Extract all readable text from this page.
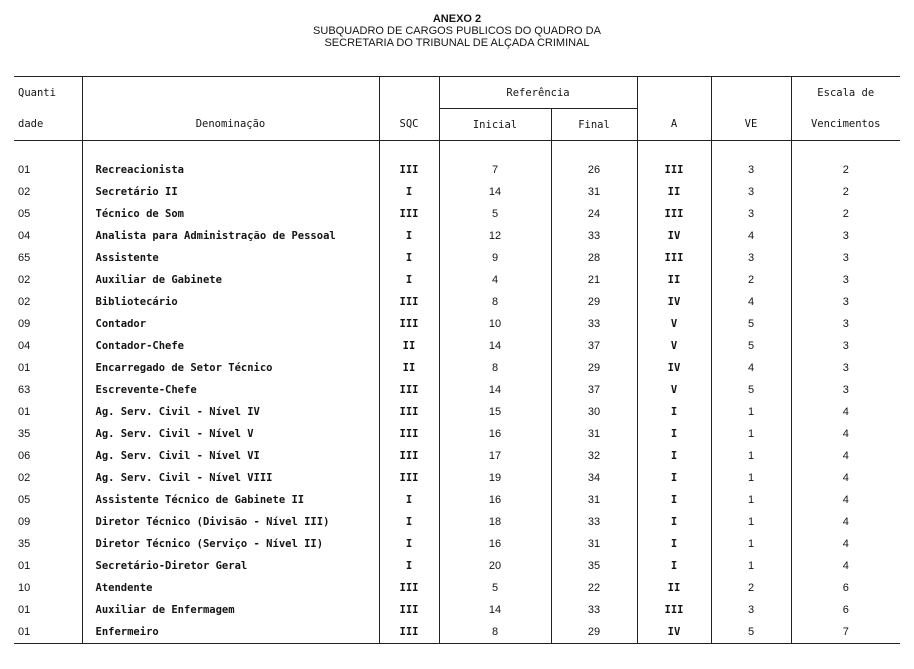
ANEXO 2
SUBQUADRO DE CARGOS PUBLICOS DO QUADRO DA
SECRETARIA DO TRIBUNAL DE ALÇADA CRIMINAL
Quanti			Referência				Escala de
dade	Denominação	SQC	Inicial	Final	A	VE	Vencimentos

01	Recreacionista	III	7	26	III	3	2
02	Secretário II	I	14	31	II	3	2
05	Técnico de Som	III	5	24	III	3	2
04	Analista para Administração de Pessoal	I	12	33	IV	4	3
65	Assistente	I	9	28	III	3	3
02	Auxiliar de Gabinete	I	4	21	II	2	3
02	Bibliotecário	III	8	29	IV	4	3
09	Contador	III	10	33	V	5	3
04	Contador-Chefe	II	14	37	V	5	3
01	Encarregado de Setor Técnico	II	8	29	IV	4	3
63	Escrevente-Chefe	III	14	37	V	5	3
01	Ag. Serv. Civil - Nível IV	III	15	30	I	1	4
35	Ag. Serv. Civil - Nível V	III	16	31	I	1	4
06	Ag. Serv. Civil - Nível VI	III	17	32	I	1	4
02	Ag. Serv. Civil - Nível VIII	III	19	34	I	1	4
05	Assistente Técnico de Gabinete II	I	16	31	I	1	4
09	Diretor Técnico (Divisão - Nível III)	I	18	33	I	1	4
35	Diretor Técnico (Serviço - Nível II)	I	16	31	I	1	4
01	Secretário-Diretor Geral	I	20	35	I	1	4
10	Atendente	III	5	22	II	2	6
01	Auxiliar de Enfermagem	III	14	33	III	3	6
01	Enfermeiro	III	8	29	IV	5	7
